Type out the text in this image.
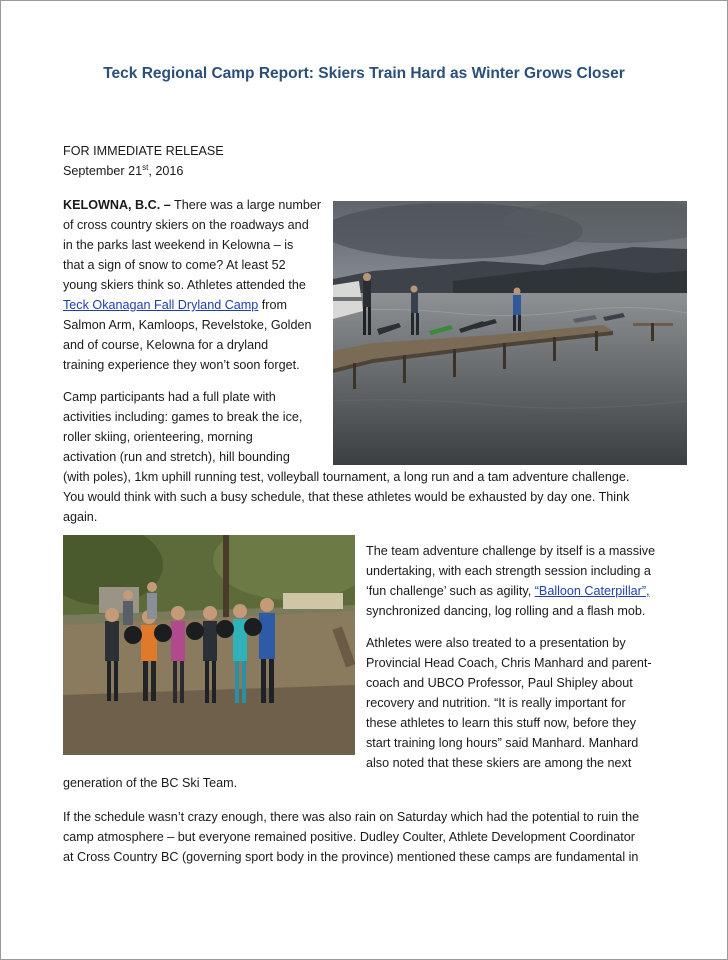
Teck Regional Camp Report: Skiers Train Hard as Winter Grows Closer
FOR IMMEDIATE RELEASE
September 21st, 2016
KELOWNA, B.C. – There was a large number
of cross country skiers on the roadways and
in the parks last weekend in Kelowna – is
that a sign of snow to come? At least 52
young skiers think so. Athletes attended the
Teck Okanagan Fall Dryland Camp from
Salmon Arm, Kamloops, Revelstoke, Golden
and of course, Kelowna for a dryland
training experience they won’t soon forget.
Camp participants had a full plate with
activities including: games to break the ice,
roller skiing, orienteering, morning
activation (run and stretch), hill bounding
(with poles), 1km uphill running test, volleyball tournament, a long run and a tam adventure challenge.
You would think with such a busy schedule, that these athletes would be exhausted by day one. Think
again.
The team adventure challenge by itself is a massive
undertaking, with each strength session including a
‘fun challenge’ such as agility, “Balloon Caterpillar”,
synchronized dancing, log rolling and a flash mob.
Athletes were also treated to a presentation by
Provincial Head Coach, Chris Manhard and parent-
coach and UBCO Professor, Paul Shipley about
recovery and nutrition. “It is really important for
these athletes to learn this stuff now, before they
start training long hours” said Manhard. Manhard
also noted that these skiers are among the next
generation of the BC Ski Team.
If the schedule wasn’t crazy enough, there was also rain on Saturday which had the potential to ruin the
camp atmosphere – but everyone remained positive. Dudley Coulter, Athlete Development Coordinator
at Cross Country BC (governing sport body in the province) mentioned these camps are fundamental in
